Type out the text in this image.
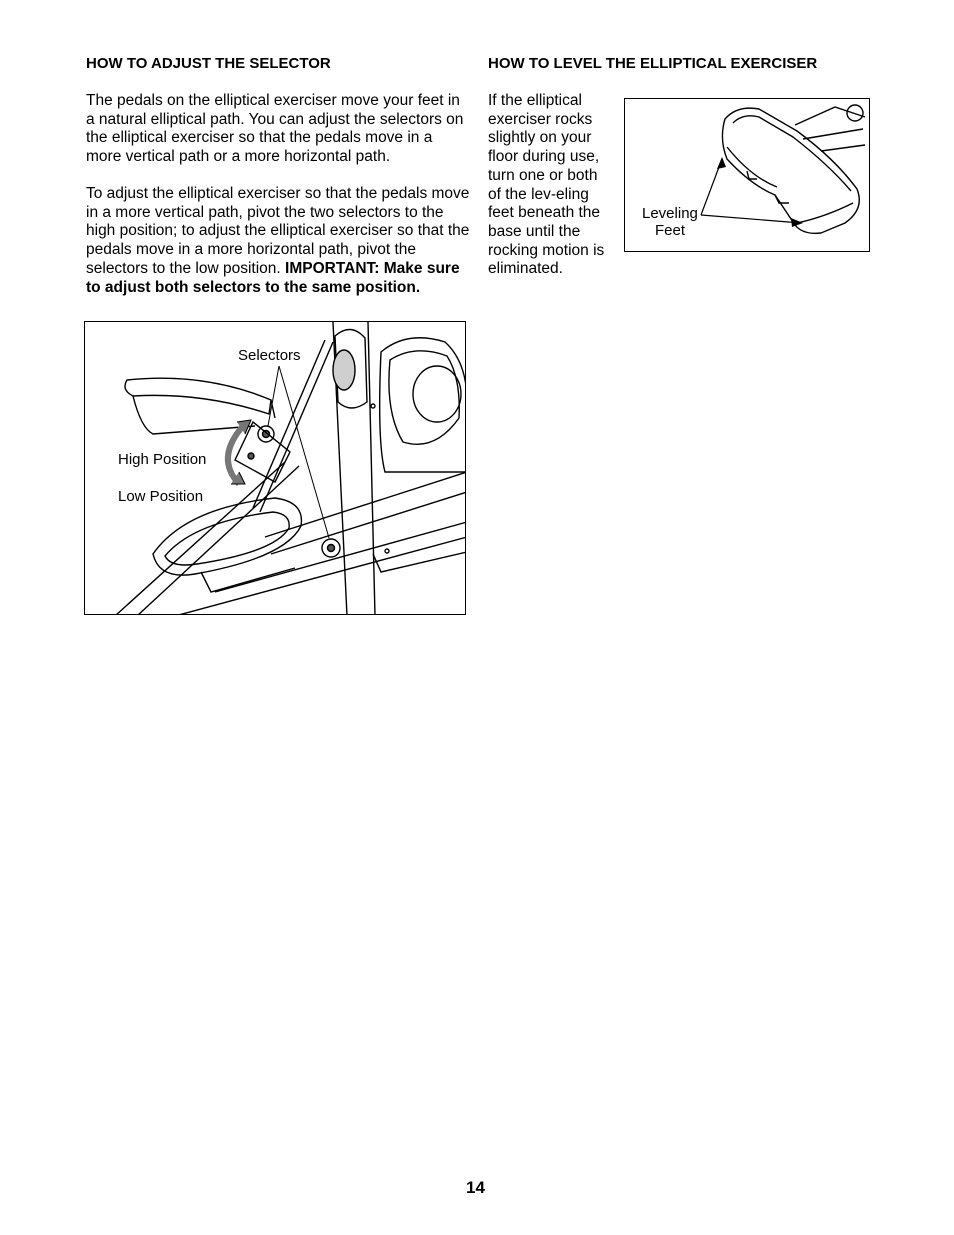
HOW TO ADJUST THE SELECTOR
The pedals on the elliptical exerciser move your feet in a natural elliptical path. You can adjust the selectors on the elliptical exerciser so that the pedals move in a more vertical path or a more horizontal path.
To adjust the elliptical exerciser so that the pedals move in a more vertical path, pivot the two selectors to the high position; to adjust the elliptical exerciser so that the pedals move in a more horizontal path, pivot the selectors to the low position. IMPORTANT: Make sure to adjust both selectors to the same position.
Selectors
High Position
Low Position
HOW TO LEVEL THE ELLIPTICAL EXERCISER
If the elliptical exerciser rocks slightly on your floor during use, turn one or both of the lev-eling feet beneath the base until the rocking motion is eliminated.
Leveling
Feet
14
